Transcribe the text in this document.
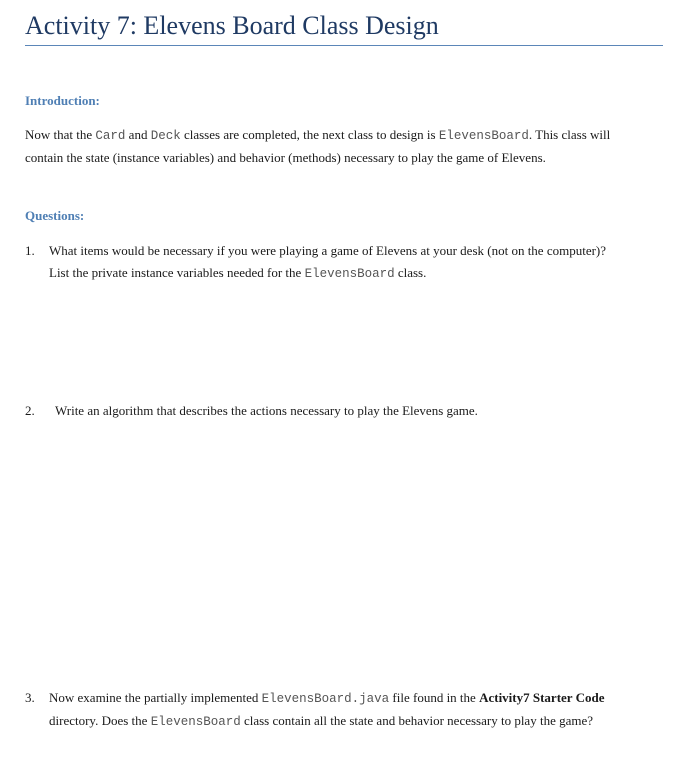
Activity 7: Elevens Board Class Design
Introduction:

Now that the Card and Deck classes are completed, the next class to design is ElevensBoard. This class will contain the state (instance variables) and behavior (methods) necessary to play the game of Elevens.

Questions:
1.	What items would be necessary if you were playing a game of Elevens at your desk (not on the computer)? List the private instance variables needed for the ElevensBoard class.
2.	Write an algorithm that describes the actions necessary to play the Elevens game.
3.	Now examine the partially implemented ElevensBoard.java file found in the Activity7 Starter Code directory. Does the ElevensBoard class contain all the state and behavior necessary to play the game?
